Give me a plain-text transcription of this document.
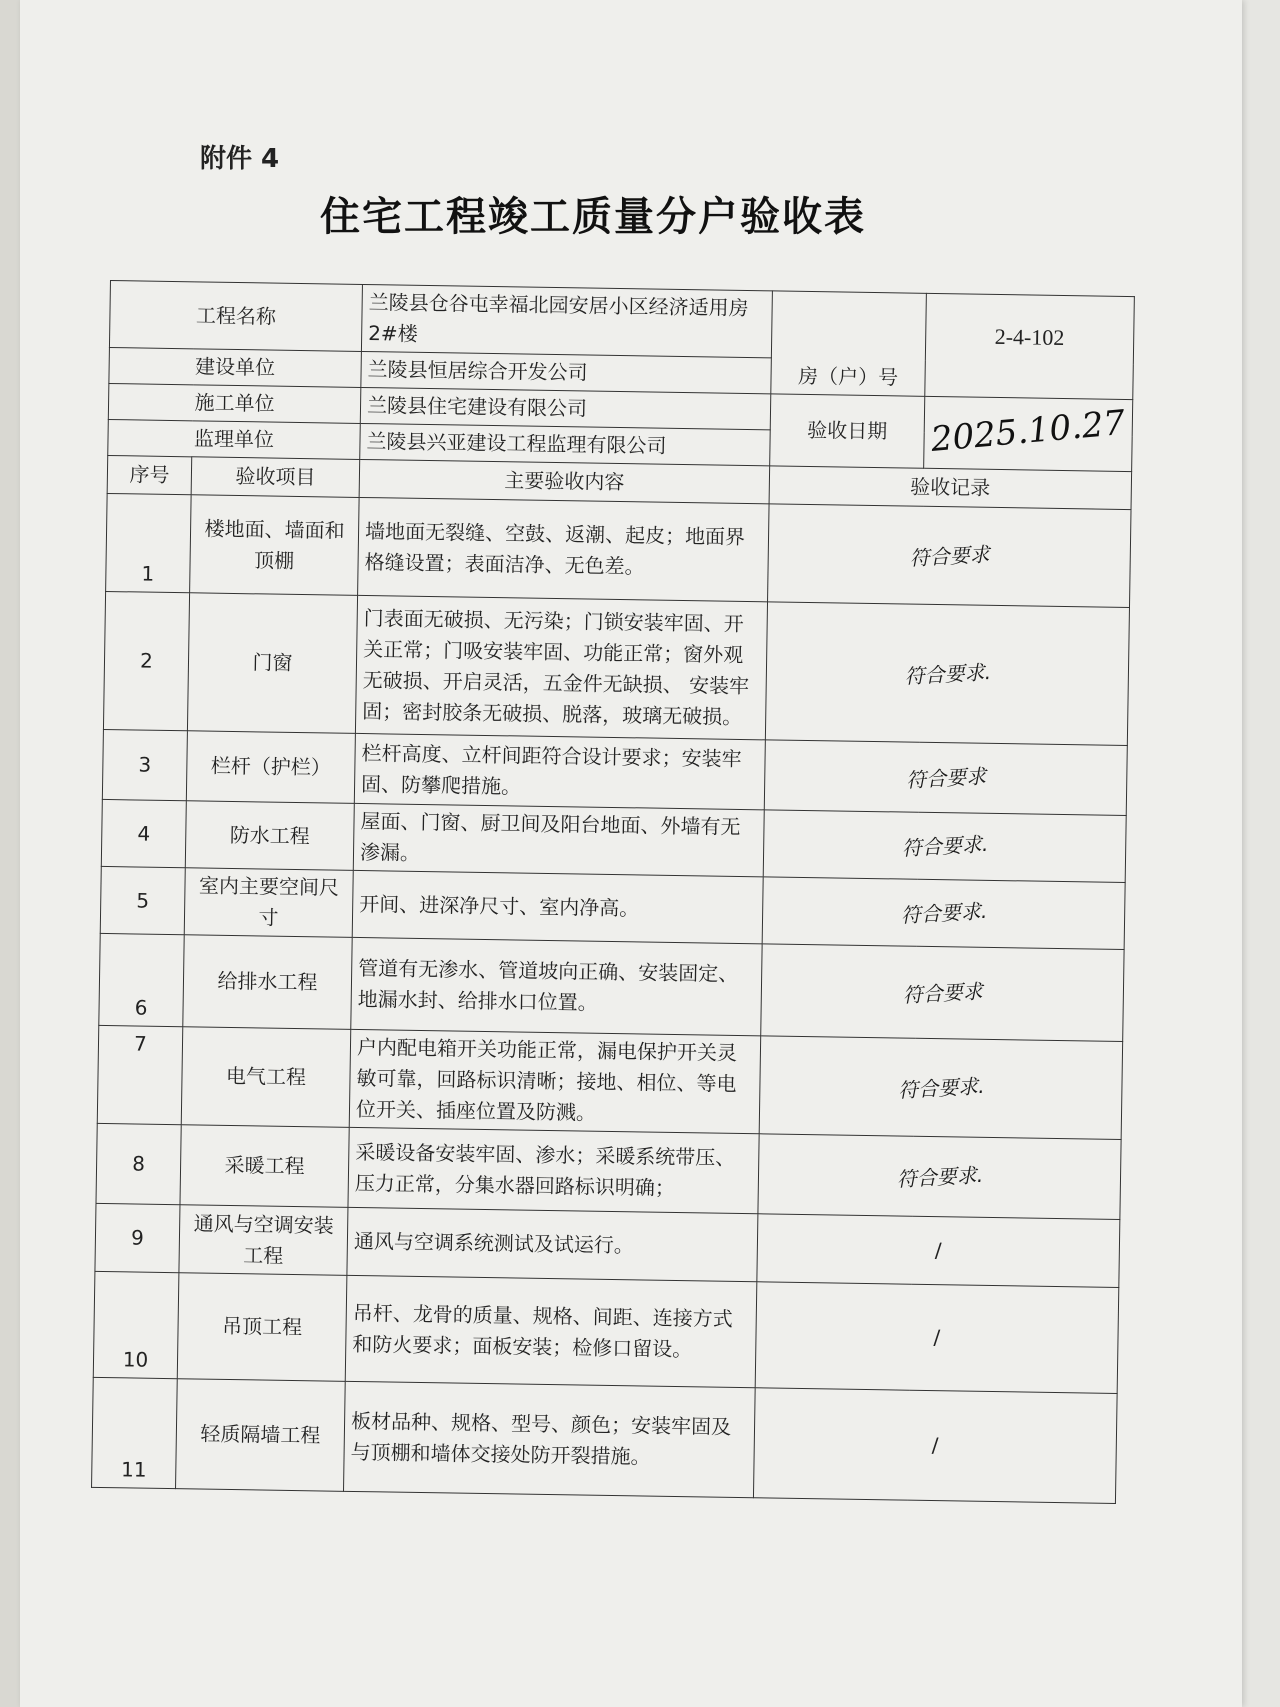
附件 4
住宅工程竣工质量分户验收表
工程名称		兰陵县仓谷屯幸福北园安居小区经济适用房2#楼	房（户）号	2-4-102
建设单位		兰陵县恒居综合开发公司		
施工单位		兰陵县住宅建设有限公司	验收日期	2025.10.27
监理单位		兰陵县兴亚建设工程监理有限公司		
序号	验收项目	主要验收内容	验收记录	
1	楼地面、墙面和顶棚	墙地面无裂缝、空鼓、返潮、起皮；地面界格缝设置；表面洁净、无色差。	符合要求	
2	门窗	门表面无破损、无污染；门锁安装牢固、开关正常；门吸安装牢固、功能正常；窗外观无破损、开启灵活，五金件无缺损、 安装牢固；密封胶条无破损、脱落，玻璃无破损。	符合要求.	
3	栏杆（护栏）	栏杆高度、立杆间距符合设计要求；安装牢固、防攀爬措施。	符合要求	
4	防水工程	屋面、门窗、厨卫间及阳台地面、外墙有无渗漏。	符合要求.	
5	室内主要空间尺寸	开间、进深净尺寸、室内净高。	符合要求.	
6	给排水工程	管道有无渗水、管道坡向正确、安装固定、地漏水封、给排水口位置。	符合要求	
7	电气工程	户内配电箱开关功能正常，漏电保护开关灵敏可靠，回路标识清晰；接地、相位、等电位开关、插座位置及防溅。	符合要求.	
8	采暖工程	采暖设备安装牢固、渗水；采暖系统带压、压力正常，分集水器回路标识明确；	符合要求.	
9	通风与空调安装工程	通风与空调系统测试及试运行。	/	
10	吊顶工程	吊杆、龙骨的质量、规格、间距、连接方式和防火要求；面板安装；检修口留设。	/	
11	轻质隔墙工程	板材品种、规格、型号、颜色；安装牢固及与顶棚和墙体交接处防开裂措施。	/	
